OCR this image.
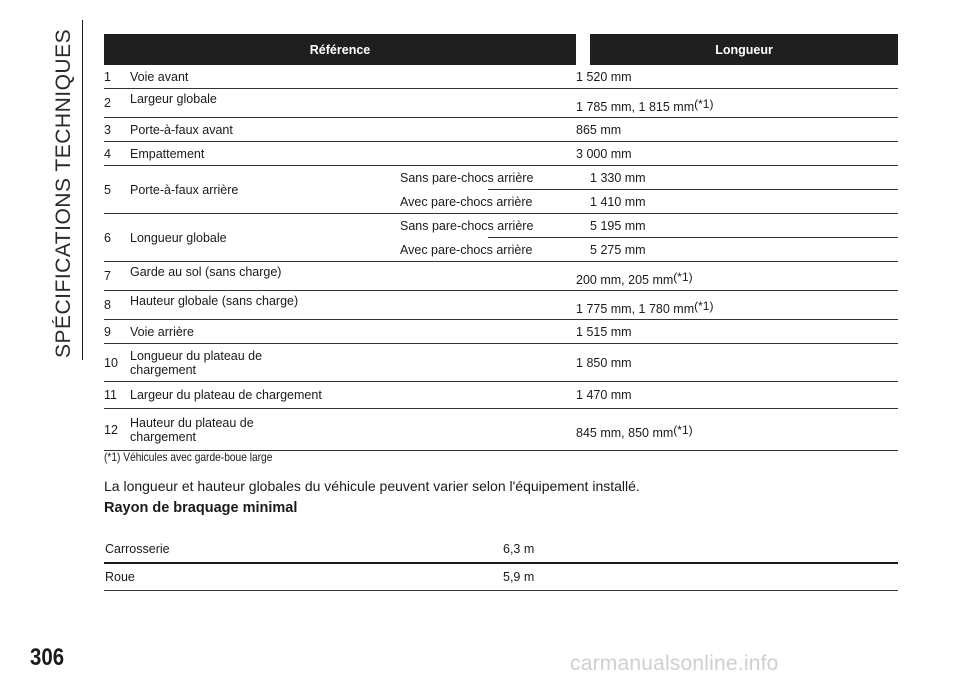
SPÉCIFICATIONS TECHNIQUES	Référence		Longueur
1	Voie avant	1 520 mm
2	Largeur globale	1 785 mm, 1 815 $mm^{(*1)}$
3	Porte-à-faux avant	865 mm
4	Empattement	3 000 mm
5	Porte-à-faux arrière	Sans pare-chocs arrière	1 330 mm
Avec pare-chocs arrière	1 410 mm
6	Longueur globale	Sans pare-chocs arrière	5 195 mm
Avec pare-chocs arrière	5 275 mm
7	Garde au sol (sans charge)	200 mm, 205 $mm^{(*1)}$
8	Hauteur globale (sans charge)	1 775 mm, 1 780 $mm^{(*1)}$
9	Voie arrière	1 515 mm
10	Longueur du plateau de chargement	1 850 mm
11	Largeur du plateau de chargement	1 470 mm
12	Hauteur du plateau de chargement	845 mm, 850 $mm^{(*1)}$
(*1) Véhicules avec garde-boue large
La longueur et hauteur globales du véhicule peuvent varier selon l'équipement installé.
Rayon de braquage minimal
Carrosserie	6,3 m
Roue	5,9 m
306	carmanualsonline.info
